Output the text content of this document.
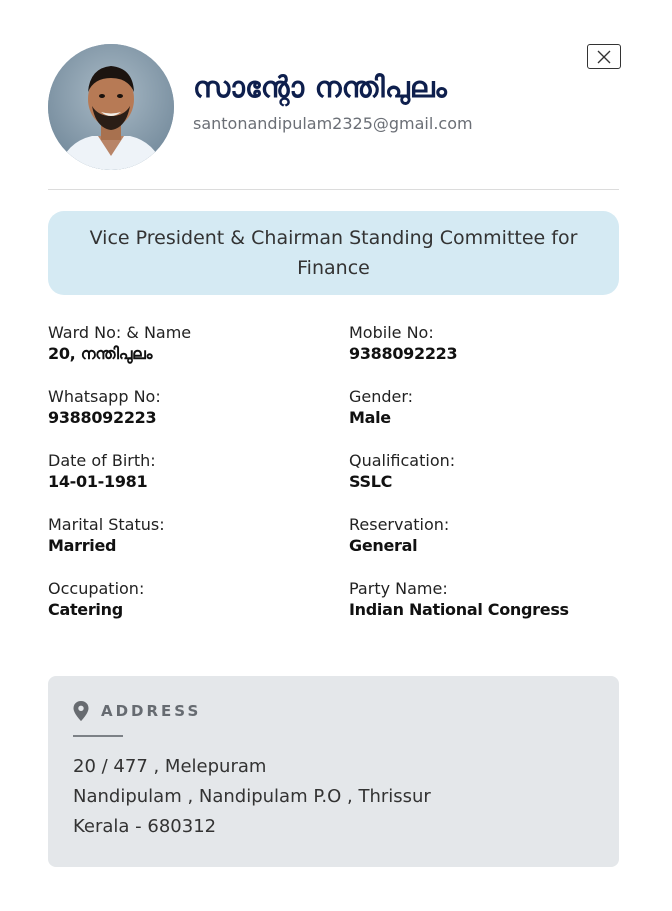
സാന്റോ നന്തിപുലം
santonandipulam2325@gmail.com
Vice President & Chairman Standing Committee for Finance
Ward No: & Name
20, നന്തിപുലം
Mobile No:
9388092223
Whatsapp No:
9388092223
Gender:
Male
Date of Birth:
14-01-1981
Qualification:
SSLC
Marital Status:
Married
Reservation:
General
Occupation:
Catering
Party Name:
Indian National Congress
ADDRESS
20 / 477 , Melepuram
Nandipulam , Nandipulam P.O , Thrissur
Kerala - 680312
